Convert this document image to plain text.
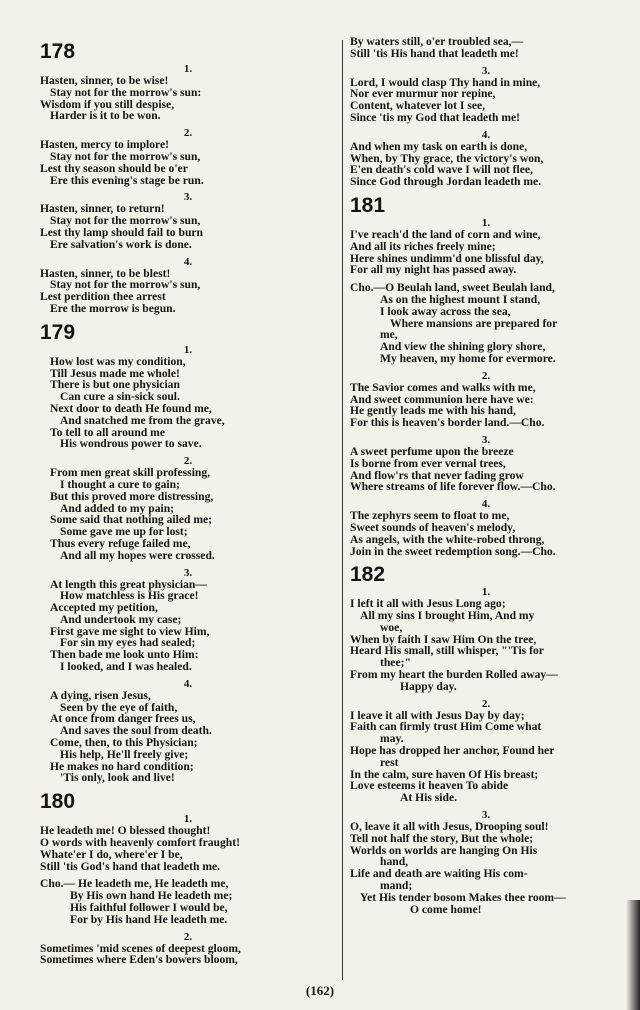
178
1.
Hasten, sinner, to be wise!
Stay not for the morrow's sun:
Wisdom if you still despise,
Harder is it to be won.
2.
Hasten, mercy to implore!
Stay not for the morrow's sun,
Lest thy season should be o'er
Ere this evening's stage be run.
3.
Hasten, sinner, to return!
Stay not for the morrow's sun,
Lest thy lamp should fail to burn
Ere salvation's work is done.
4.
Hasten, sinner, to be blest!
Stay not for the morrow's sun,
Lest perdition thee arrest
Ere the morrow is begun.
179
1.
How lost was my condition,
Till Jesus made me whole!
There is but one physician
Can cure a sin-sick soul.
Next door to death He found me,
And snatched me from the grave,
To tell to all around me
His wondrous power to save.
2.
From men great skill professing,
I thought a cure to gain;
But this proved more distressing,
And added to my pain;
Some said that nothing ailed me;
Some gave me up for lost;
Thus every refuge failed me,
And all my hopes were crossed.
3.
At length this great physician—
How matchless is His grace!
Accepted my petition,
And undertook my case;
First gave me sight to view Him,
For sin my eyes had sealed;
Then bade me look unto Him:
I looked, and I was healed.
4.
A dying, risen Jesus,
Seen by the eye of faith,
At once from danger frees us,
And saves the soul from death.
Come, then, to this Physician;
His help, He'll freely give;
He makes no hard condition;
'Tis only, look and live!
180
1.
He leadeth me! O blessed thought!
O words with heavenly comfort fraught!
Whate'er I do, where'er I be,
Still 'tis God's hand that leadeth me.
Cho.— He leadeth me, He leadeth me,
By His own hand He leadeth me;
His faithful follower I would be,
For by His hand He leadeth me.
2.
Sometimes 'mid scenes of deepest gloom,
Sometimes where Eden's bowers bloom,
By waters still, o'er troubled sea,—
Still 'tis His hand that leadeth me!
3.
Lord, I would clasp Thy hand in mine,
Nor ever murmur nor repine,
Content, whatever lot I see,
Since 'tis my God that leadeth me!
4.
And when my task on earth is done,
When, by Thy grace, the victory's won,
E'en death's cold wave I will not flee,
Since God through Jordan leadeth me.
181
1.
I've reach'd the land of corn and wine,
And all its riches freely mine;
Here shines undimm'd one blissful day,
For all my night has passed away.
Cho.—O Beulah land, sweet Beulah land,
As on the highest mount I stand,
I look away across the sea,
Where mansions are prepared for
me,
And view the shining glory shore,
My heaven, my home for evermore.
2.
The Savior comes and walks with me,
And sweet communion here have we:
He gently leads me with his hand,
For this is heaven's border land.—Cho.
3.
A sweet perfume upon the breeze
Is borne from ever vernal trees,
And flow'rs that never fading grow
Where streams of life forever flow.—Cho.
4.
The zephyrs seem to float to me,
Sweet sounds of heaven's melody,
As angels, with the white-robed throng,
Join in the sweet redemption song.—Cho.
182
1.
I left it all with Jesus Long ago;
All my sins I brought Him, And my
woe,
When by faith I saw Him On the tree,
Heard His small, still whisper, "'Tis for
thee;"
From my heart the burden Rolled away—
Happy day.
2.
I leave it all with Jesus Day by day;
Faith can firmly trust Him Come what
may.
Hope has dropped her anchor, Found her
rest
In the calm, sure haven Of His breast;
Love esteems it heaven To abide
At His side.
3.
O, leave it all with Jesus, Drooping soul!
Tell not half the story, But the whole;
Worlds on worlds are hanging On His
hand,
Life and death are waiting His com-
mand;
Yet His tender bosom Makes thee room—
O come home!
(162)
